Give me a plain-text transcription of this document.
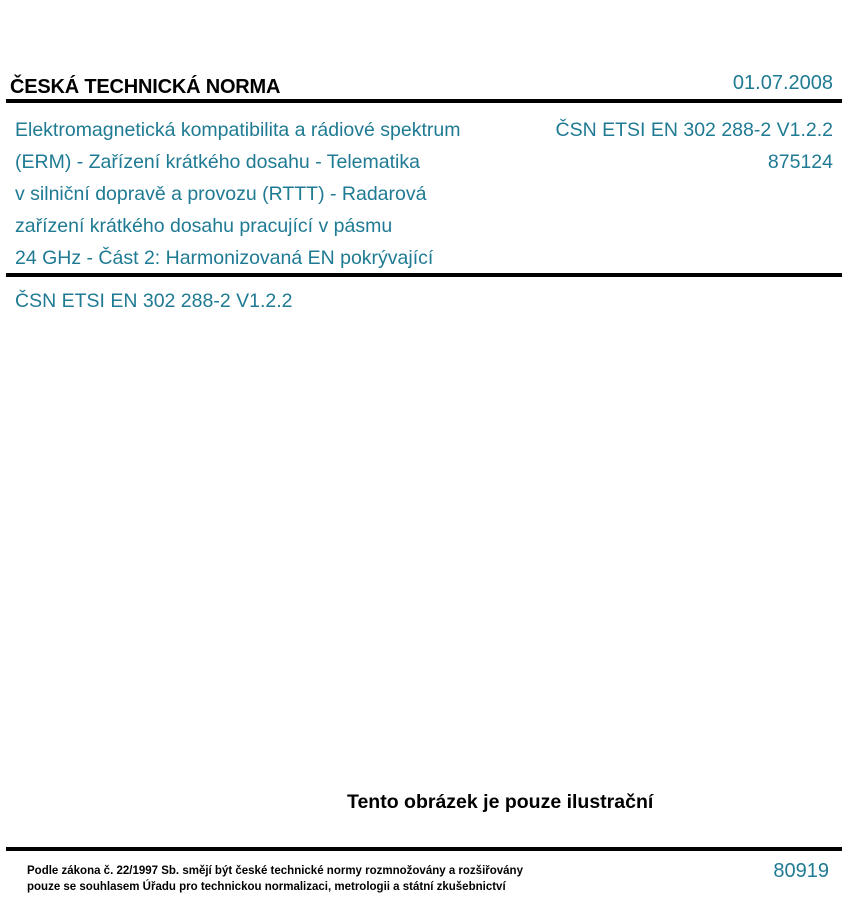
ČESKÁ TECHNICKÁ NORMA	01.07.2008
Elektromagnetická kompatibilita a rádiové spektrum
(ERM) - Zařízení krátkého dosahu - Telematika
v silniční dopravě a provozu (RTTT) - Radarová
zařízení krátkého dosahu pracující v pásmu
24 GHz - Část 2: Harmonizovaná EN pokrývající
ČSN ETSI EN 302 288-2 V1.2.2
875124
ČSN ETSI EN 302 288-2 V1.2.2
Tento obrázek je pouze ilustrační
Podle zákona č. 22/1997 Sb. smějí být české technické normy rozmnožovány a rozšiřovány
pouze se souhlasem Úřadu pro technickou normalizaci, metrologii a státní zkušebnictví
80919
